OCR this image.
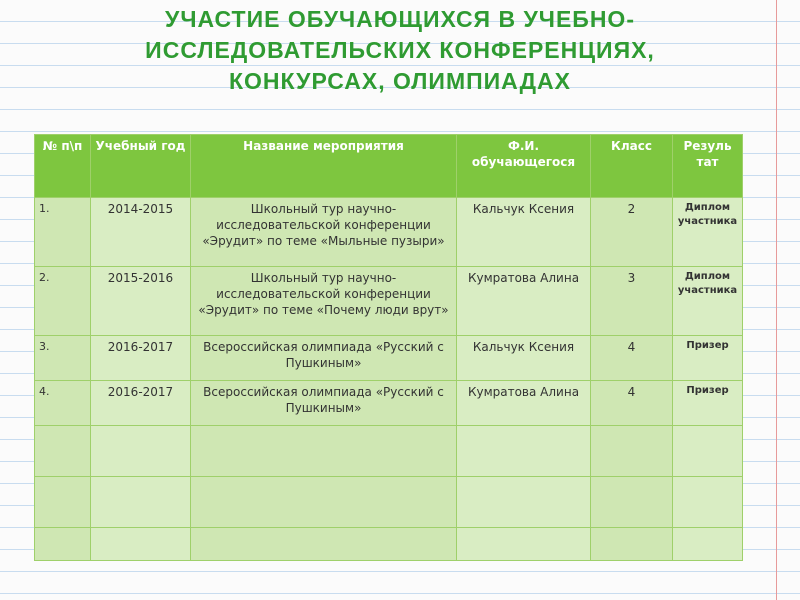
УЧАСТИЕ ОБУЧАЮЩИХСЯ В УЧЕБНО-
ИССЛЕДОВАТЕЛЬСКИХ КОНФЕРЕНЦИЯХ,
КОНКУРСАХ, ОЛИМПИАДАХ
№ п\п	Учебный год	Название мероприятия	Ф.И. обучающегося	Класс	Резуль тат
1.	2014-2015	Школьный тур научно-исследовательской конференции «Эрудит» по теме «Мыльные пузыри»	Кальчук Ксения	2	Диплом участника
2.	2015-2016	Школьный тур научно-исследовательской конференции «Эрудит» по теме «Почему люди врут»	Кумратова Алина	3	Диплом участника
3.	2016-2017	Всероссийская олимпиада «Русский с Пушкиным»	Кальчук Ксения	4	Призер
4.	2016-2017	Всероссийская олимпиада «Русский с Пушкиным»	Кумратова Алина	4	Призер
